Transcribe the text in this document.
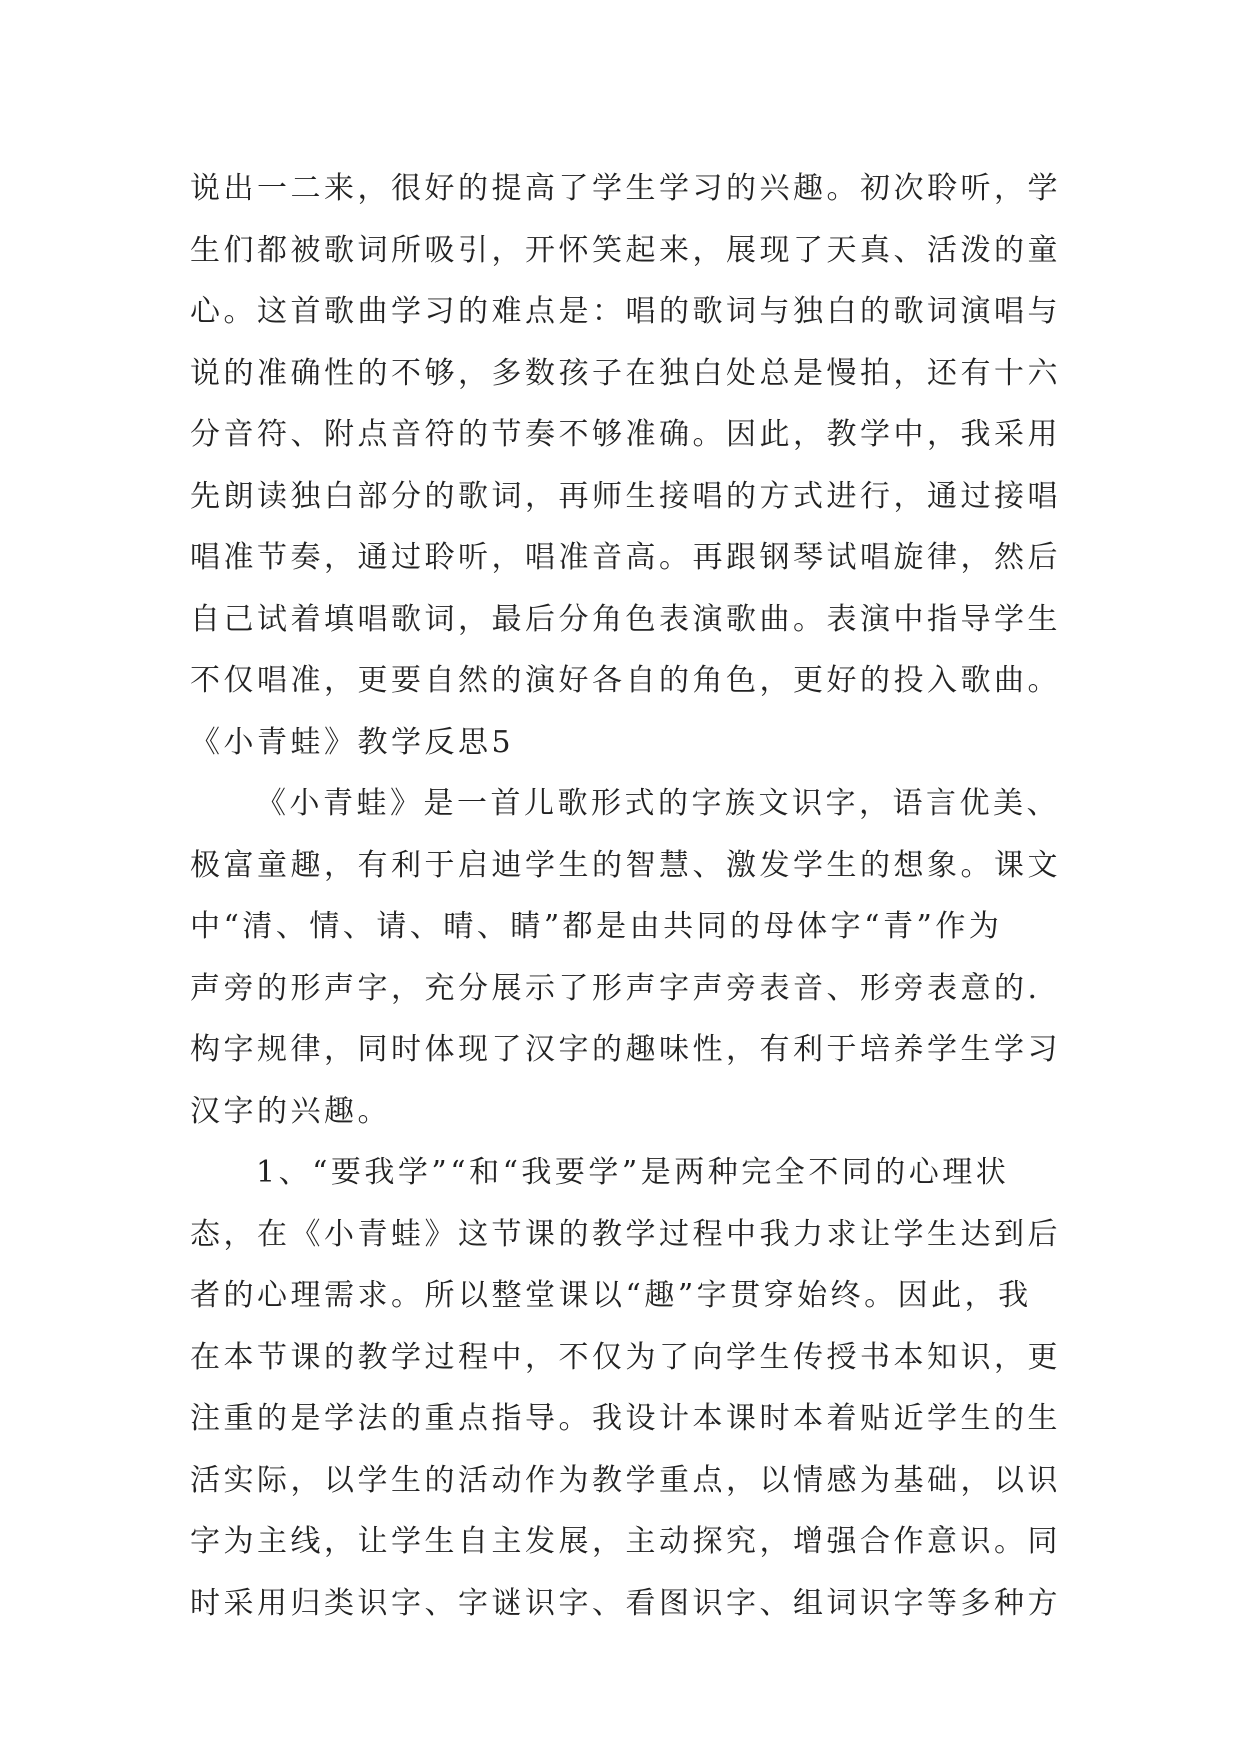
说出一二来，很好的提高了学生学习的兴趣。初次聆听，学
生们都被歌词所吸引，开怀笑起来，展现了天真、活泼的童
心。这首歌曲学习的难点是：唱的歌词与独白的歌词演唱与
说的准确性的不够，多数孩子在独白处总是慢拍，还有十六
分音符、附点音符的节奏不够准确。因此，教学中，我采用
先朗读独白部分的歌词，再师生接唱的方式进行，通过接唱
唱准节奏，通过聆听，唱准音高。再跟钢琴试唱旋律，然后
自己试着填唱歌词，最后分角色表演歌曲。表演中指导学生
不仅唱准，更要自然的演好各自的角色，更好的投入歌曲。
《小青蛙》教学反思5
《小青蛙》是一首儿歌形式的字族文识字，语言优美、
极富童趣，有利于启迪学生的智慧、激发学生的想象。课文
中“清、情、请、晴、睛”都是由共同的母体字“青”作为
声旁的形声字，充分展示了形声字声旁表音、形旁表意的.
构字规律，同时体现了汉字的趣味性，有利于培养学生学习
汉字的兴趣。
1、“要我学”“和“我要学”是两种完全不同的心理状
态，在《小青蛙》这节课的教学过程中我力求让学生达到后
者的心理需求。所以整堂课以“趣”字贯穿始终。因此，我
在本节课的教学过程中，不仅为了向学生传授书本知识，更
注重的是学法的重点指导。我设计本课时本着贴近学生的生
活实际，以学生的活动作为教学重点，以情感为基础，以识
字为主线，让学生自主发展，主动探究，增强合作意识。同
时采用归类识字、字谜识字、看图识字、组词识字等多种方
